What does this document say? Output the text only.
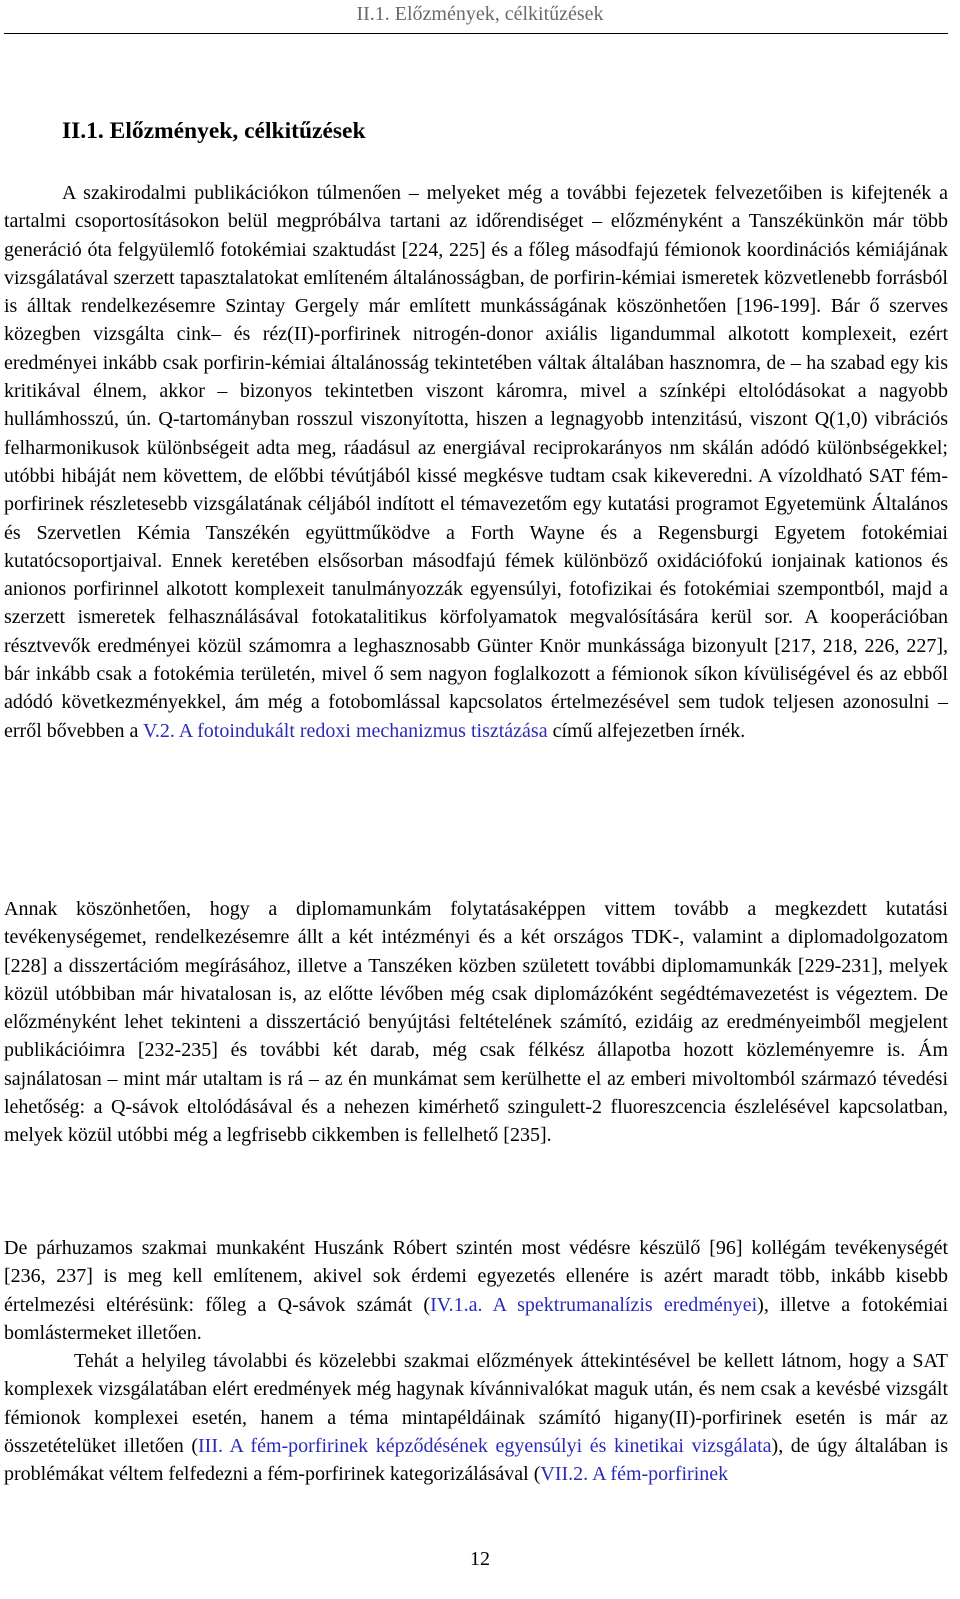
II.1. Előzmények, célkitűzések
II.1. Előzmények, célkitűzések

A szakirodalmi publikációkon túlmenően – melyeket még a további fejezetek felvezetőiben is kifejtenék a tartalmi csoportosításokon belül megpróbálva tartani az időrendiséget – előzményként a Tanszékünkön már több generáció óta felgyülemlő fotokémiai szaktudást [224, 225] és a főleg másodfajú fémionok koordinációs kémiájának vizsgálatával szerzett tapasztalatokat említeném általánosságban, de porfirin-kémiai ismeretek közvetlenebb forrásból is álltak rendelkezésemre Szintay Gergely már említett munkásságának köszönhetően [196-199]. Bár ő szerves közegben vizsgálta cink– és réz(II)-porfirinek nitrogén-donor axiális ligandummal alkotott komplexeit, ezért eredményei inkább csak porfirin-kémiai általánosság tekintetében váltak általában hasznomra, de – ha szabad egy kis kritikával élnem, akkor – bizonyos tekintetben viszont káromra, mivel a színképi eltolódásokat a nagyobb hullámhosszú, ún. Q-tartományban rosszul viszonyította, hiszen a legnagyobb intenzitású, viszont Q(1,0) vibrációs felharmonikusok különbségeit adta meg, ráadásul az energiával reciprokarányos nm skálán adódó különbségekkel; utóbbi hibáját nem követtem, de előbbi tévútjából kissé megkésve tudtam csak kikeveredni. A vízoldható SAT fém-porfirinek részletesebb vizsgálatának céljából indított el témavezetőm egy kutatási programot Egyetemünk Általános és Szervetlen Kémia Tanszékén együttműködve a Forth Wayne és a Regensburgi Egyetem fotokémiai kutatócsoportjaival. Ennek keretében elsősorban másodfajú fémek különböző oxidációfokú ionjainak kationos és anionos porfirinnel alkotott komplexeit tanulmányozzák egyensúlyi, fotofizikai és fotokémiai szempontból, majd a szerzett ismeretek felhasználásával fotokatalitikus körfolyamatok megvalósítására kerül sor. A kooperációban résztvevők eredményei közül számomra a leghasznosabb Günter Knör munkássága bizonyult [217, 218, 226, 227], bár inkább csak a fotokémia területén, mivel ő sem nagyon foglalkozott a fémionok síkon kívüliségével és az ebből adódó következményekkel, ám még a fotobomlással kapcsolatos értelmezésével sem tudok teljesen azonosulni – erről bővebben a V.2. A fotoindukált redoxi mechanizmus tisztázása című alfejezetben írnék.

Annak köszönhetően, hogy a diplomamunkám folytatásaképpen vittem tovább a megkezdett kutatási tevékenységemet, rendelkezésemre állt a két intézményi és a két országos TDK-, valamint a diplomadolgozatom [228] a disszertációm megírásához, illetve a Tanszéken közben született további diplomamunkák [229-231], melyek közül utóbbiban már hivatalosan is, az előtte lévőben még csak diplomázóként segédtémavezetést is végeztem. De előzményként lehet tekinteni a disszertáció benyújtási feltételének számító, ezidáig az eredményeimből megjelent publikációimra [232-235] és további két darab, még csak félkész állapotba hozott közleményemre is. Ám sajnálatosan – mint már utaltam is rá – az én munkámat sem kerülhette el az emberi mivoltomból származó tévedési lehetőség: a Q-sávok eltolódásával és a nehezen kimérhető szingulett-2 fluoreszcencia észlelésével kapcsolatban, melyek közül utóbbi még a legfrisebb cikkemben is fellelhető [235].

De párhuzamos szakmai munkaként Huszánk Róbert szintén most védésre készülő [96] kollégám tevékenységét [236, 237] is meg kell említenem, akivel sok érdemi egyezetés ellenére is azért maradt több, inkább kisebb értelmezési eltérésünk: főleg a Q-sávok számát (IV.1.a. A spektrumanalízis eredményei), illetve a fotokémiai bomlástermeket illetően.

Tehát a helyileg távolabbi és közelebbi szakmai előzmények áttekintésével be kellett látnom, hogy a SAT komplexek vizsgálatában elért eredmények még hagynak kívánnivalókat maguk után, és nem csak a kevésbé vizsgált fémionok komplexei esetén, hanem a téma mintapéldáinak számító higany(II)-porfirinek esetén is már az összetételüket illetően (III. A fém-porfirinek képződésének egyensúlyi és kinetikai vizsgálata), de úgy általában is problémákat véltem felfedezni a fém-porfirinek kategorizálásával (VII.2. A fém-porfirinek

12
